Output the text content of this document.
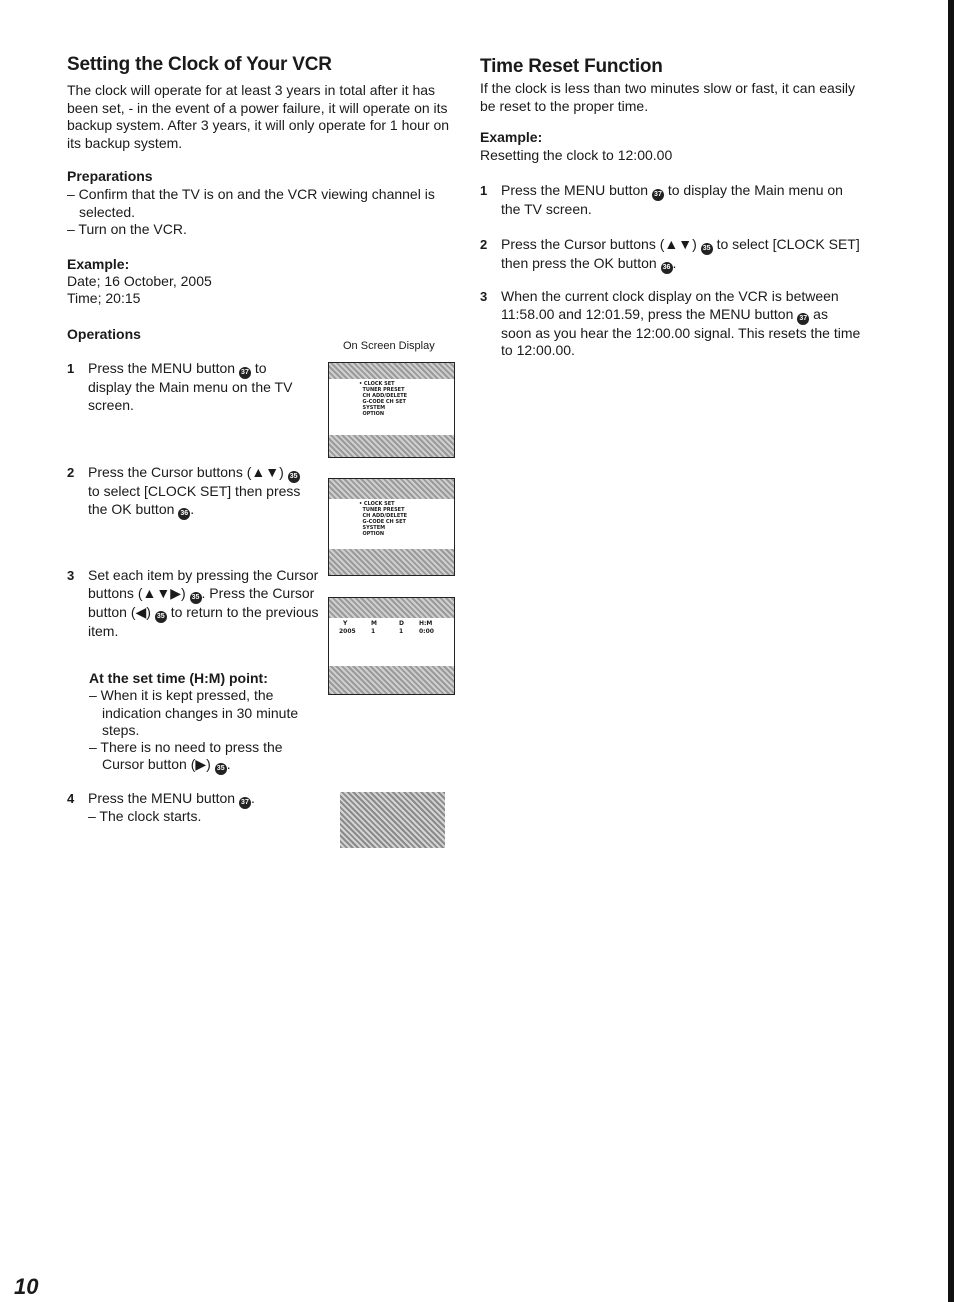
Setting the Clock of Your VCR
The clock will operate for at least 3 years in total after it has been set, - in the event of a power failure, it will operate on its backup system. After 3 years, it will only operate for 1 hour on its backup system.
Preparations
– Confirm that the TV is on and the VCR viewing channel is
selected.
– Turn on the VCR.
Example:
Date; 16 October, 2005
Time; 20:15
Operations
On Screen Display
1 Press the MENU button 37 to display the Main menu on the TV screen.
• CLOCK SET
TUNER PRESET
CH ADD/DELETE
G-CODE CH SET
SYSTEM
OPTION
2 Press the Cursor buttons (▲▼) 35 to select [CLOCK SET] then press the OK button 36 .	• CLOCK SET
TUNER PRESET
CH ADD/DELETE
G-CODE CH SET
SYSTEM
OPTION
3 Set each item by pressing the Cursor buttons (▲▼▶) 35 . Press the Cursor button (◀) 35 to return to the previous item.	Y	M	D	H:M
2005	1	1	0:00
At the set time (H:M) point:
– When it is kept pressed, the
indication changes in 30 minute
steps.
– There is no need to press the
Cursor button (▶) 35 .
4 Press the MENU button 37 .
– The clock starts.
Time Reset Function
If the clock is less than two minutes slow or fast, it can easily be reset to the proper time.
Example:
Resetting the clock to 12:00.00
1 Press the MENU button 37 to display the Main menu on the TV screen.
2 Press the Cursor buttons (▲▼) 35 to select [CLOCK SET] then press the OK button 36 .
3 When the current clock display on the VCR is between 11:58.00 and 12:01.59, press the MENU button 37 as soon as you hear the 12:00.00 signal. This resets the time to 12:00.00.
10
